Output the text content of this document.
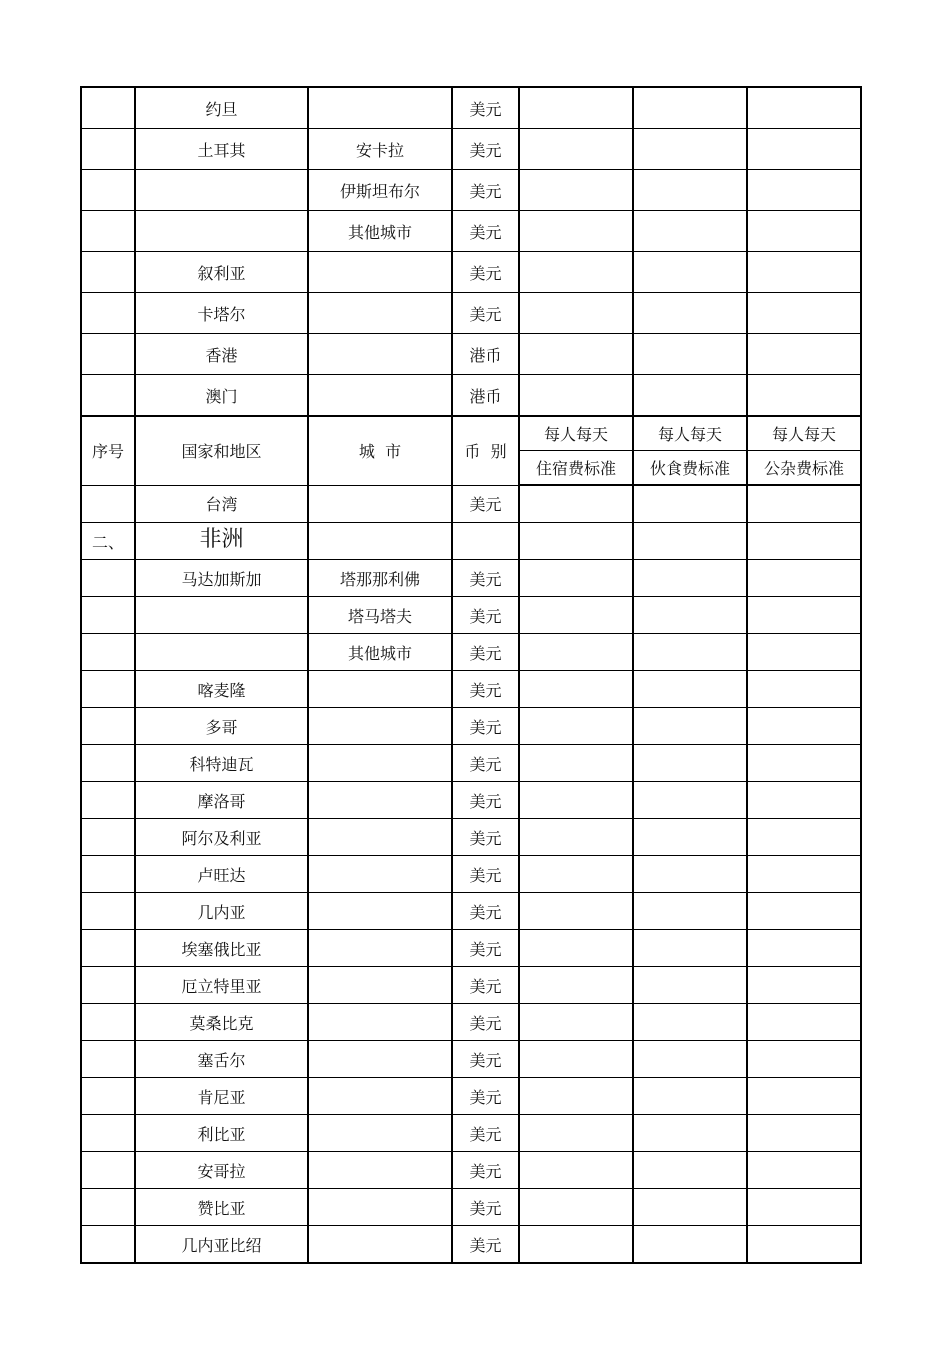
	约旦		美元			
	土耳其	安卡拉	美元			
		伊斯坦布尔	美元			
		其他城市	美元			
	叙利亚		美元			
	卡塔尔		美元			
	香港		港币			
	澳门		港币			
序号	国家和地区	城  市	币  别	每人每天	每人每天	每人每天
				住宿费标准	伙食费标准	公杂费标准
	台湾		美元			
二、	非洲					
	马达加斯加	塔那那利佛	美元			
		塔马塔夫	美元			
		其他城市	美元			
	喀麦隆		美元			
	多哥		美元			
	科特迪瓦		美元			
	摩洛哥		美元			
	阿尔及利亚		美元			
	卢旺达		美元			
	几内亚		美元			
	埃塞俄比亚		美元			
	厄立特里亚		美元			
	莫桑比克		美元			
	塞舌尔		美元			
	肯尼亚		美元			
	利比亚		美元			
	安哥拉		美元			
	赞比亚		美元			
	几内亚比绍		美元			
